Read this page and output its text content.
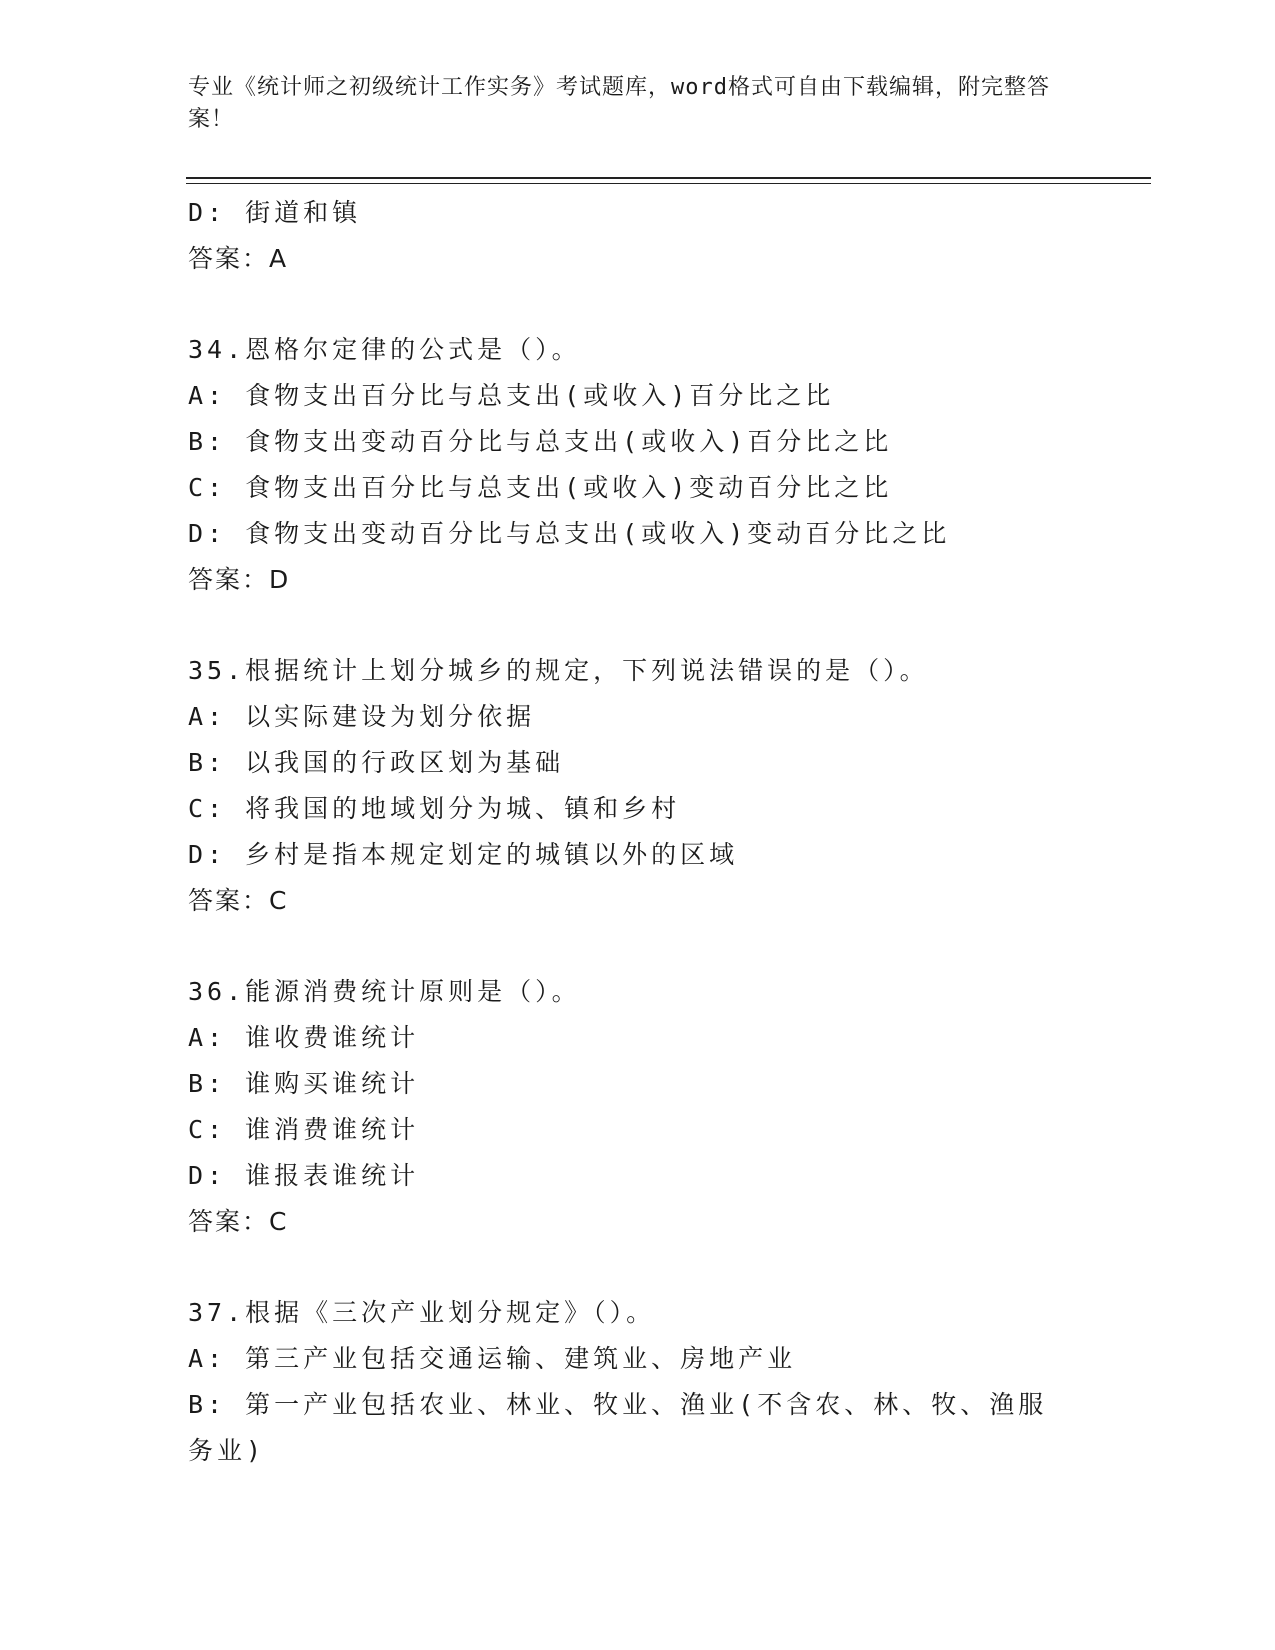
专业《统计师之初级统计工作实务》考试题库，word格式可自由下载编辑，附完整答案！
D: 街道和镇
答案：A
34.恩格尔定律的公式是（）。
A: 食物支出百分比与总支出(或收入)百分比之比
B: 食物支出变动百分比与总支出(或收入)百分比之比
C: 食物支出百分比与总支出(或收入)变动百分比之比
D: 食物支出变动百分比与总支出(或收入)变动百分比之比
答案：D
35.根据统计上划分城乡的规定，下列说法错误的是（）。
A: 以实际建设为划分依据
B: 以我国的行政区划为基础
C: 将我国的地域划分为城、镇和乡村
D: 乡村是指本规定划定的城镇以外的区域
答案：C
36.能源消费统计原则是（）。
A: 谁收费谁统计
B: 谁购买谁统计
C: 谁消费谁统计
D: 谁报表谁统计
答案：C
37.根据《三次产业划分规定》（）。
A: 第三产业包括交通运输、建筑业、房地产业
B: 第一产业包括农业、林业、牧业、渔业(不含农、林、牧、渔服务业)
